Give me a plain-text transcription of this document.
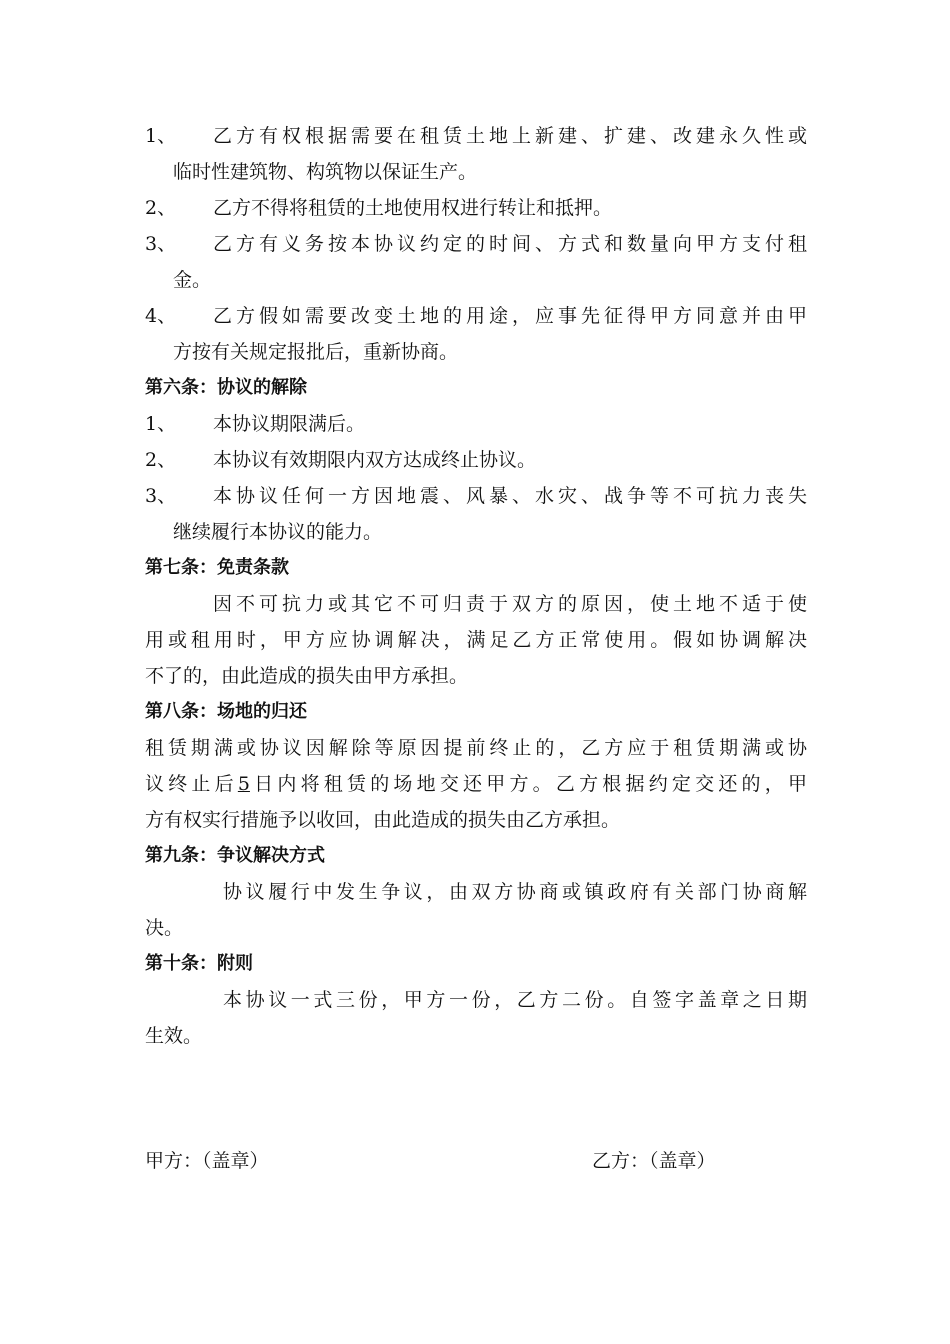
1、	乙方有权根据需要在租赁土地上新建、扩建、改建永久性或
临时性建筑物、构筑物以保证生产。
2、	乙方不得将租赁的土地使用权进行转让和抵押。
3、	乙方有义务按本协议约定的时间、方式和数量向甲方支付租
金。
4、	乙方假如需要改变土地的用途，应事先征得甲方同意并由甲
方按有关规定报批后，重新协商。
第六条：协议的解除
1、	本协议期限满后。
2、	本协议有效期限内双方达成终止协议。
3、	本协议任何一方因地震、风暴、水灾、战争等不可抗力丧失
继续履行本协议的能力。
第七条：免责条款
因不可抗力或其它不可归责于双方的原因，使土地不适于使
用或租用时，甲方应协调解决，满足乙方正常使用。假如协调解决
不了的，由此造成的损失由甲方承担。
第八条：场地的归还
租赁期满或协议因解除等原因提前终止的，乙方应于租赁期满或协
议终止后5日内将租赁的场地交还甲方。乙方根据约定交还的，甲
方有权实行措施予以收回，由此造成的损失由乙方承担。
第九条：争议解决方式
协议履行中发生争议，由双方协商或镇政府有关部门协商解
决。
第十条：附则
本协议一式三份，甲方一份，乙方二份。自签字盖章之日期
生效。
甲方：（盖章）	乙方：（盖章）
